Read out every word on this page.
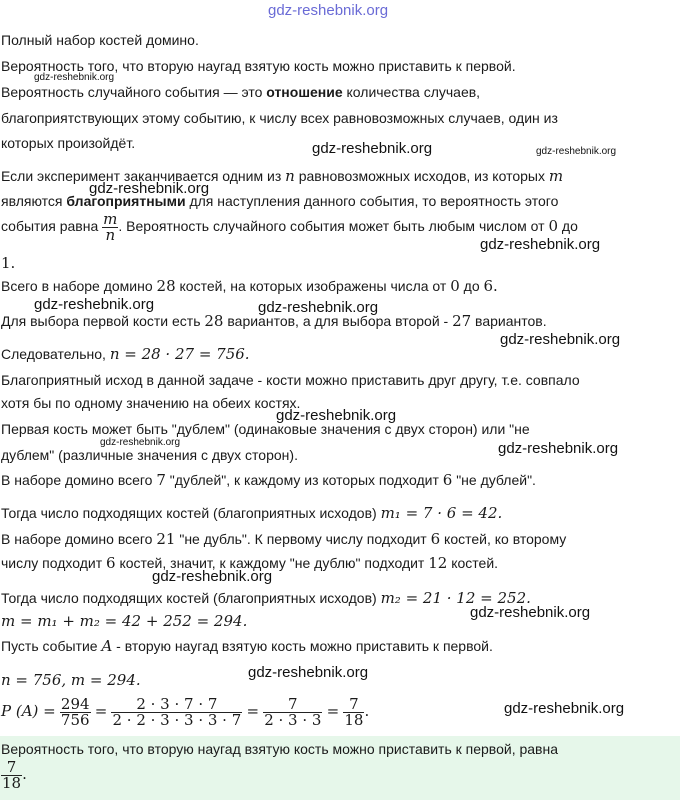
gdz-reshebnik.org
gdz-reshebnik.org
gdz-reshebnik.org
gdz-reshebnik.org
gdz-reshebnik.org
gdz-reshebnik.org
gdz-reshebnik.org
gdz-reshebnik.org	gdz-reshebnik.org
gdz-reshebnik.org
gdz-reshebnik.org
gdz-reshebnik.org
gdz-reshebnik.org
gdz-reshebnik.org
gdz-reshebnik.org
gdz-reshebnik.org
Полный набор костей домино.
Вероятность того, что вторую наугад взятую кость можно приставить к первой.
Вероятность случайного события — это отношение количества случаев,
благоприятствующих этому событию, к числу всех равновозможных случаев, один из
которых произойдёт.
Если эксперимент заканчивается одним из n равновозможных исходов, из которых m
являются благоприятными для наступления данного события, то вероятность этого
события равна $\frac{m}{n}$ . Вероятность случайного события может быть любым числом от 0 до
1.
Всего в наборе домино 28 костей, на которых изображены числа от 0 до 6.
Для выбора первой кости есть 28 вариантов, а для выбора второй - 27 вариантов.
Следовательно, n = 28 · 27 = 756.
Благоприятный исход в данной задаче - кости можно приставить друг другу, т.е. совпало
хотя бы по одному значению на обеих костях.
Первая кость может быть "дублем" (одинаковые значения с двух сторон) или "не
дублем" (различные значения с двух сторон).
В наборе домино всего 7 "дублей", к каждому из которых подходит 6 "не дублей".
Тогда число подходящих костей (благоприятных исходов) m₁ = 7 · 6 = 42.
В наборе домино всего 21 "не дубль". К первому числу подходит 6 костей, ко второму
числу подходит 6 костей, значит, к каждому "не дублю" подходит 12 костей.
Тогда число подходящих костей (благоприятных исходов) m₂ = 21 · 12 = 252.
m = m₁ + m₂ = 42 + 252 = 294.
Пусть событие A - вторую наугад взятую кость можно приставить к первой.
n = 756, m = 294.
P $(A) = \frac{294}{756} = \frac{2 \cdot 3 \cdot 7 \cdot 7}{2 \cdot 2 \cdot 3 \cdot 3 \cdot 3 \cdot 7} = \frac{7}{2 \cdot 3 \cdot 3} = \frac{7}{18}$ .
Вероятность того, что вторую наугад взятую кость можно приставить к первой, равна
$\frac{7}{18}$ .
